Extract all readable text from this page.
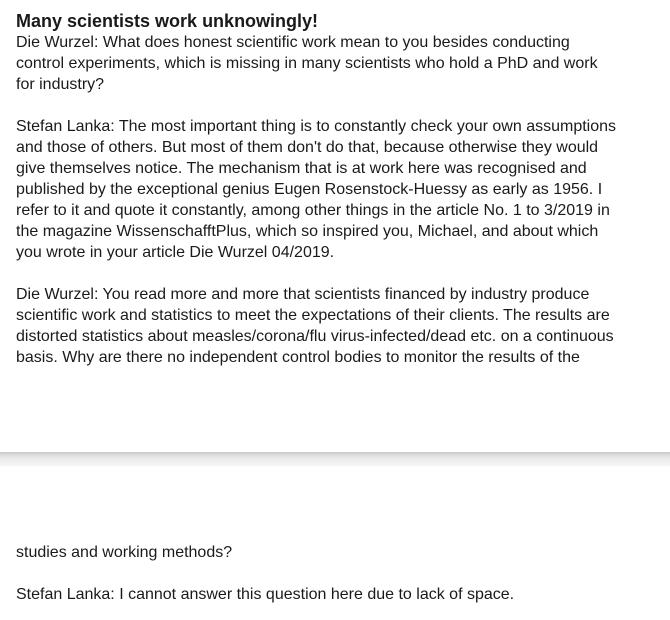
Many scientists work unknowingly!

Die Wurzel: What does honest scientific work mean to you besides conducting
control experiments, which is missing in many scientists who hold a PhD and work
for industry?

Stefan Lanka: The most important thing is to constantly check your own assumptions
and those of others. But most of them don't do that, because otherwise they would
give themselves notice. The mechanism that is at work here was recognised and
published by the exceptional genius Eugen Rosenstock-Huessy as early as 1956. I
refer to it and quote it constantly, among other things in the article No. 1 to 3/2019 in
the magazine WissenschafftPlus, which so inspired you, Michael, and about which
you wrote in your article Die Wurzel 04/2019.

Die Wurzel: You read more and more that scientists financed by industry produce
scientific work and statistics to meet the expectations of their clients. The results are
distorted statistics about measles/corona/flu virus-infected/dead etc. on a continuous
basis. Why are there no independent control bodies to monitor the results of the

studies and working methods?

Stefan Lanka: I cannot answer this question here due to lack of space.
